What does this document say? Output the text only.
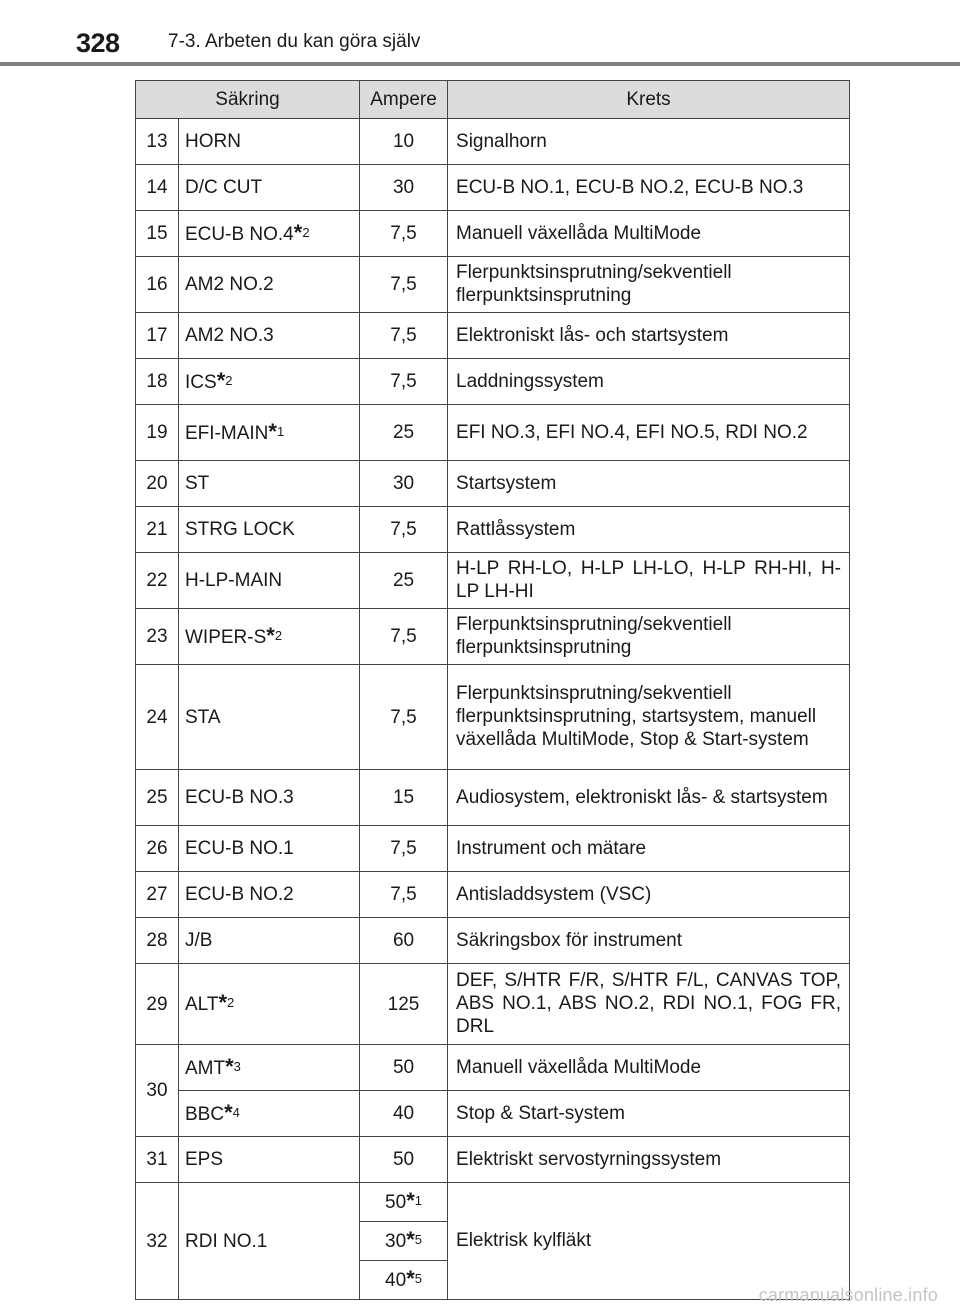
328	7-3. Arbeten du kan göra själv
Säkring		Ampere	Krets
13	HORN	10	Signalhorn
14	D/C CUT	30	ECU-B NO.1, ECU-B NO.2, ECU-B NO.3
15	ECU-B NO.4$^{*2}$	7,5	Manuell växellåda MultiMode
16	AM2 NO.2	7,5	Flerpunktsinsprutning/sekventiell flerpunktsinsprutning
17	AM2 NO.3	7,5	Elektroniskt lås- och startsystem
18	ICS$^{*2}$	7,5	Laddningssystem
19	EFI-MAIN$^{*1}$	25	EFI NO.3, EFI NO.4, EFI NO.5, RDI NO.2
20	ST	30	Startsystem
21	STRG LOCK	7,5	Rattlåssystem
22	H-LP-MAIN	25	H-LP RH-LO, H-LP LH-LO, H-LP RH-HI, H-LP LH-HI
23	WIPER-S$^{*2}$	7,5	Flerpunktsinsprutning/sekventiell flerpunktsinsprutning
24	STA	7,5	Flerpunktsinsprutning/sekventiell flerpunktsinsprutning, startsystem, manuell växellåda MultiMode, Stop & Start-system
25	ECU-B NO.3	15	Audiosystem, elektroniskt lås- & startsystem
26	ECU-B NO.1	7,5	Instrument och mätare
27	ECU-B NO.2	7,5	Antisladdsystem (VSC)
28	J/B	60	Säkringsbox för instrument
29	ALT$^{*2}$	125	DEF, S/HTR F/R, S/HTR F/L, CANVAS TOP, ABS NO.1, ABS NO.2, RDI NO.1, FOG FR, DRL
30	AMT$^{*3}$	50	Manuell växellåda MultiMode
	BBC$^{*4}$	40	Stop & Start-system
31	EPS	50	Elektriskt servostyrningssystem
32	RDI NO.1	50$^{*1}$	Elektrisk kylfläkt
		30$^{*5}$
		40$^{*5}$
carmanualsonline.info
